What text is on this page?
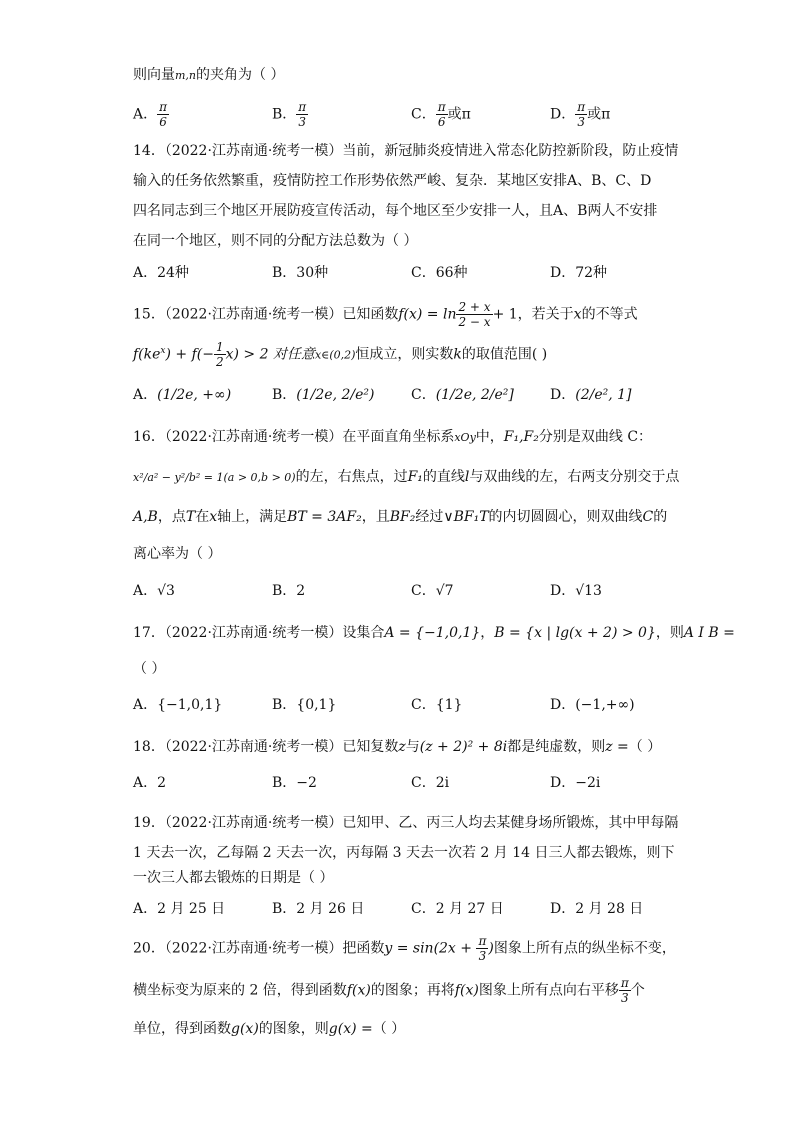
则向量m,n的夹角为（ ）
A． $\frac{\pi}{6}$	B． $\frac{\pi}{3}$	C． $\frac{\pi}{6}$ 或π	D． $\frac{\pi}{3}$ 或π
14．（2022·江苏南通·统考一模）当前，新冠肺炎疫情进入常态化防控新阶段，防止疫情
输入的任务依然繁重，疫情防控工作形势依然严峻、复杂．某地区安排A、B、C、D
四名同志到三个地区开展防疫宣传活动，每个地区至少安排一人，且A、B两人不安排
在同一个地区，则不同的分配方法总数为（ ）
A．24种	B．30种	C．66种	D．72种
15．（2022·江苏南通·统考一模）已知函数$f(x) = \ln \frac{2 + x}{2 - x} + 1$，若关于x的不等式
$f(ke^x) + f(- \frac{1}{2} x) > 2$ 对任意x∈(0,2)恒成立，则实数k的取值范围( )
A．(1/2e, +∞)	B．(1/2e, 2/e²)	C．(1/2e, 2/e²]	D．(2/e², 1]
16．（2022·江苏南通·统考一模）在平面直角坐标系xOy中，F₁,F₂分别是双曲线 C：
x²/a² − y²/b² = 1(a > 0,b > 0)的左，右焦点，过F₁的直线l与双曲线的左，右两支分别交于点
A,B，点T在x轴上，满足BT = 3AF₂，且BF₂经过∨BF₁T的内切圆圆心，则双曲线C的
离心率为（ ）
A．√3	B．2	C．√7	D．√13
17．（2022·江苏南通·统考一模）设集合A = {−1,0,1}，B = {x | lg(x + 2) > 0}，则A I B =
（ ）
A．{−1,0,1}	B．{0,1}	C．{1}	D．(−1,+∞)
18．（2022·江苏南通·统考一模）已知复数z与(z + 2)² + 8i都是纯虚数，则z =（ ）
A．2	B．−2	C．2i	D．−2i
19．（2022·江苏南通·统考一模）已知甲、乙、丙三人均去某健身场所锻炼，其中甲每隔
1 天去一次，乙每隔 2 天去一次，丙每隔 3 天去一次若 2 月 14 日三人都去锻炼，则下
一次三人都去锻炼的日期是（ ）
A．2 月 25 日	B．2 月 26 日	C．2 月 27 日	D．2 月 28 日
20．（2022·江苏南通·统考一模）把函数$y = \sin(2x + \frac{\pi}{3}$ )图象上所有点的纵坐标不变，
横坐标变为原来的 2 倍，得到函数f(x)的图象；再将f(x)图象上所有点向右平移 $\frac{\pi}{3}$ 个
单位，得到函数g(x)的图象，则g(x) =（ ）
